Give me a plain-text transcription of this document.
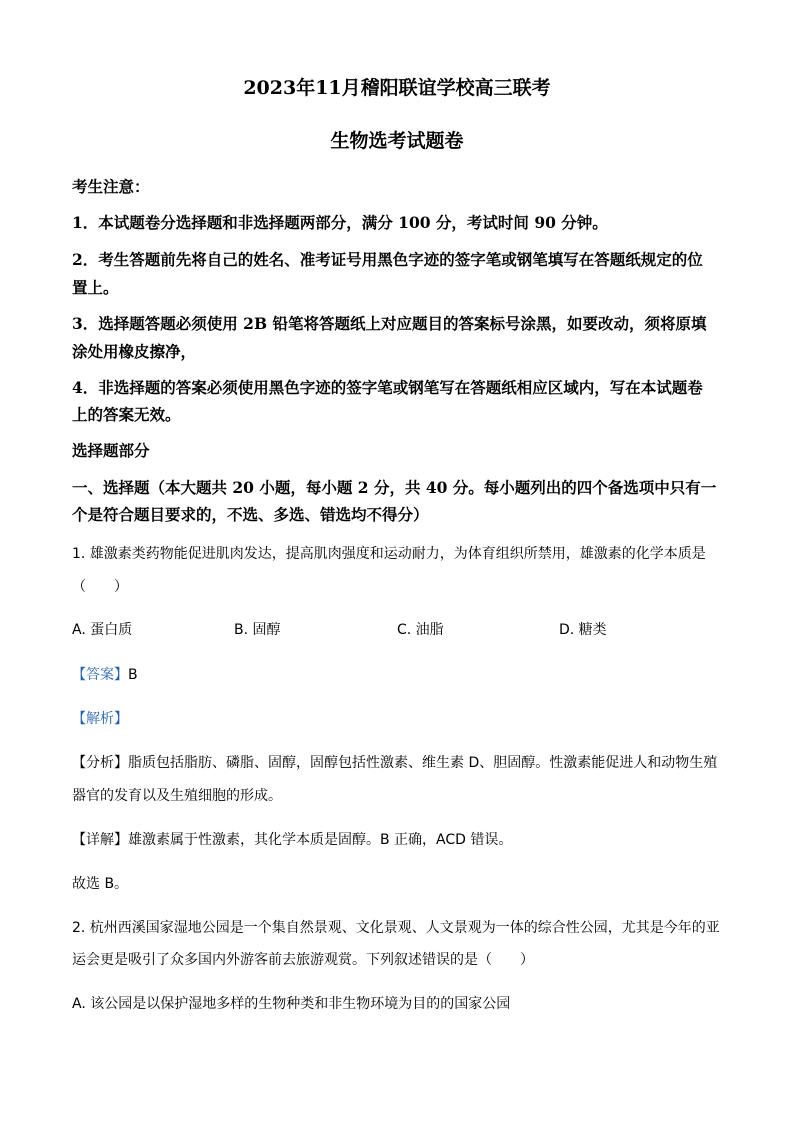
2023年11月稽阳联谊学校高三联考

生物选考试题卷

考生注意：

1．本试题卷分选择题和非选择题两部分，满分 100 分，考试时间 90 分钟。

2．考生答题前先将自己的姓名、准考证号用黑色字迹的签字笔或钢笔填写在答题纸规定的位

置上。

3．选择题答题必须使用 2B 铅笔将答题纸上对应题目的答案标号涂黑，如要改动，须将原填

涂处用橡皮擦净，

4．非选择题的答案必须使用黑色字迹的签字笔或钢笔写在答题纸相应区域内，写在本试题卷

上的答案无效。

选择题部分

一、选择题（本大题共 20 小题，每小题 2 分，共 40 分。每小题列出的四个备选项中只有一

个是符合题目要求的，不选、多选、错选均不得分）

1. 雄激素类药物能促进肌肉发达，提高肌肉强度和运动耐力，为体育组织所禁用，雄激素的化学本质是

（　　）

A. 蛋白质	B. 固醇	C. 油脂	D. 糖类

【答案】B

【解析】

【分析】脂质包括脂肪、磷脂、固醇，固醇包括性激素、维生素 D、胆固醇。性激素能促进人和动物生殖

器官的发育以及生殖细胞的形成。

【详解】雄激素属于性激素，其化学本质是固醇。B 正确，ACD 错误。

故选 B。

2. 杭州西溪国家湿地公园是一个集自然景观、文化景观、人文景观为一体的综合性公园，尤其是今年的亚

运会更是吸引了众多国内外游客前去旅游观赏。下列叙述错误的是（　　）

A. 该公园是以保护湿地多样的生物种类和非生物环境为目的的国家公园
